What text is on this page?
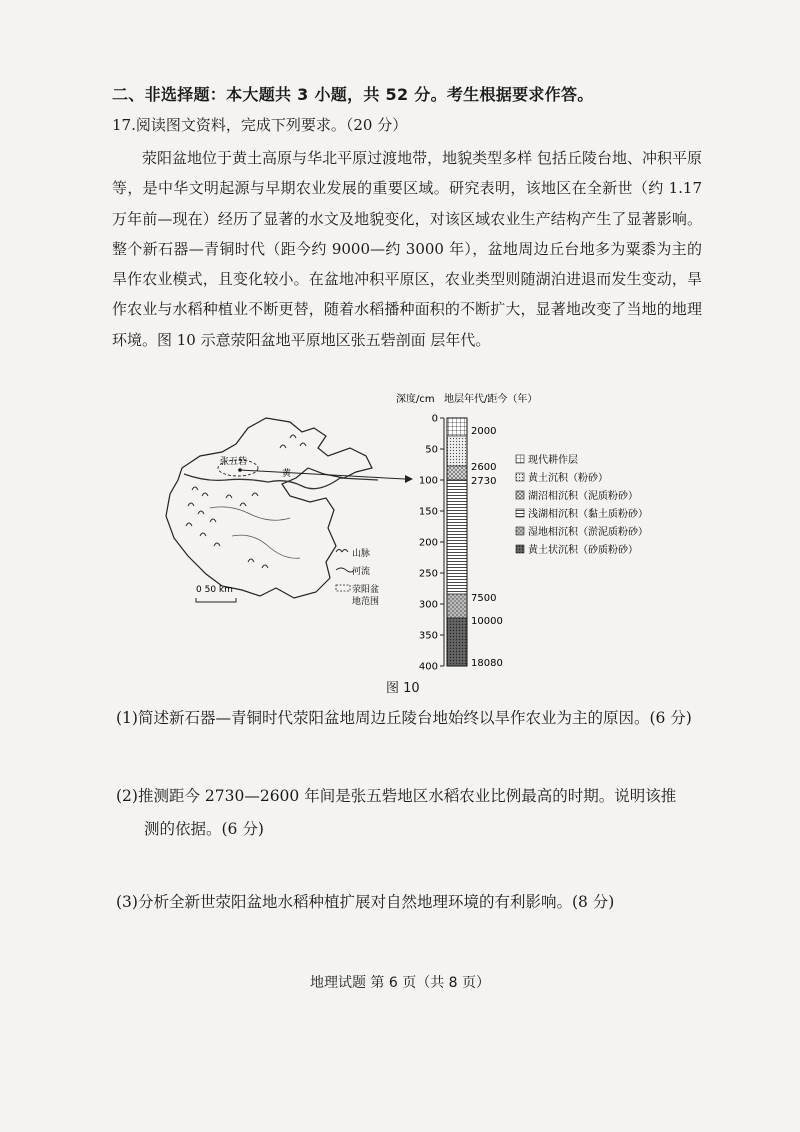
二、非选择题：本大题共 3 小题，共 52 分。考生根据要求作答。
17.阅读图文资料，完成下列要求。（20 分）
荥阳盆地位于黄土高原与华北平原过渡地带，地貌类型多样 包括丘陵台地、冲积平原等，是中华文明起源与早期农业发展的重要区域。研究表明，该地区在全新世（约 1.17 万年前—现在）经历了显著的水文及地貌变化，对该区域农业生产结构产生了显著影响。整个新石器—青铜时代（距今约 9000—约 3000 年），盆地周边丘台地多为粟黍为主的旱作农业模式，且变化较小。在盆地冲积平原区，农业类型则随湖泊进退而发生变动，旱作农业与水稻种植业不断更替，随着水稻播种面积的不断扩大，显著地改变了当地的地理环境。图 10 示意荥阳盆地平原地区张五砦剖面 层年代。
张五砦
黄
山脉
河流
荥阳盆
地范围
0 50 km
深度/cm 地层年代/距今（年）
0
50
100
150
200
250
300
350
400
2000
2600
2730
7500
10000
18080
现代耕作层
黄土沉积（粉砂）
湖沼相沉积（泥质粉砂）
浅湖相沉积（黏土质粉砂）
湿地相沉积（淤泥质粉砂）
黄土状沉积（砂质粉砂）
图 10
(1)简述新石器—青铜时代荥阳盆地周边丘陵台地始终以旱作农业为主的原因。(6 分)
(2)推测距今 2730—2600 年间是张五砦地区水稻农业比例最高的时期。说明该推
测的依据。(6 分)
(3)分析全新世荥阳盆地水稻种植扩展对自然地理环境的有利影响。(8 分)
地理试题 第 6 页（共 8 页）
